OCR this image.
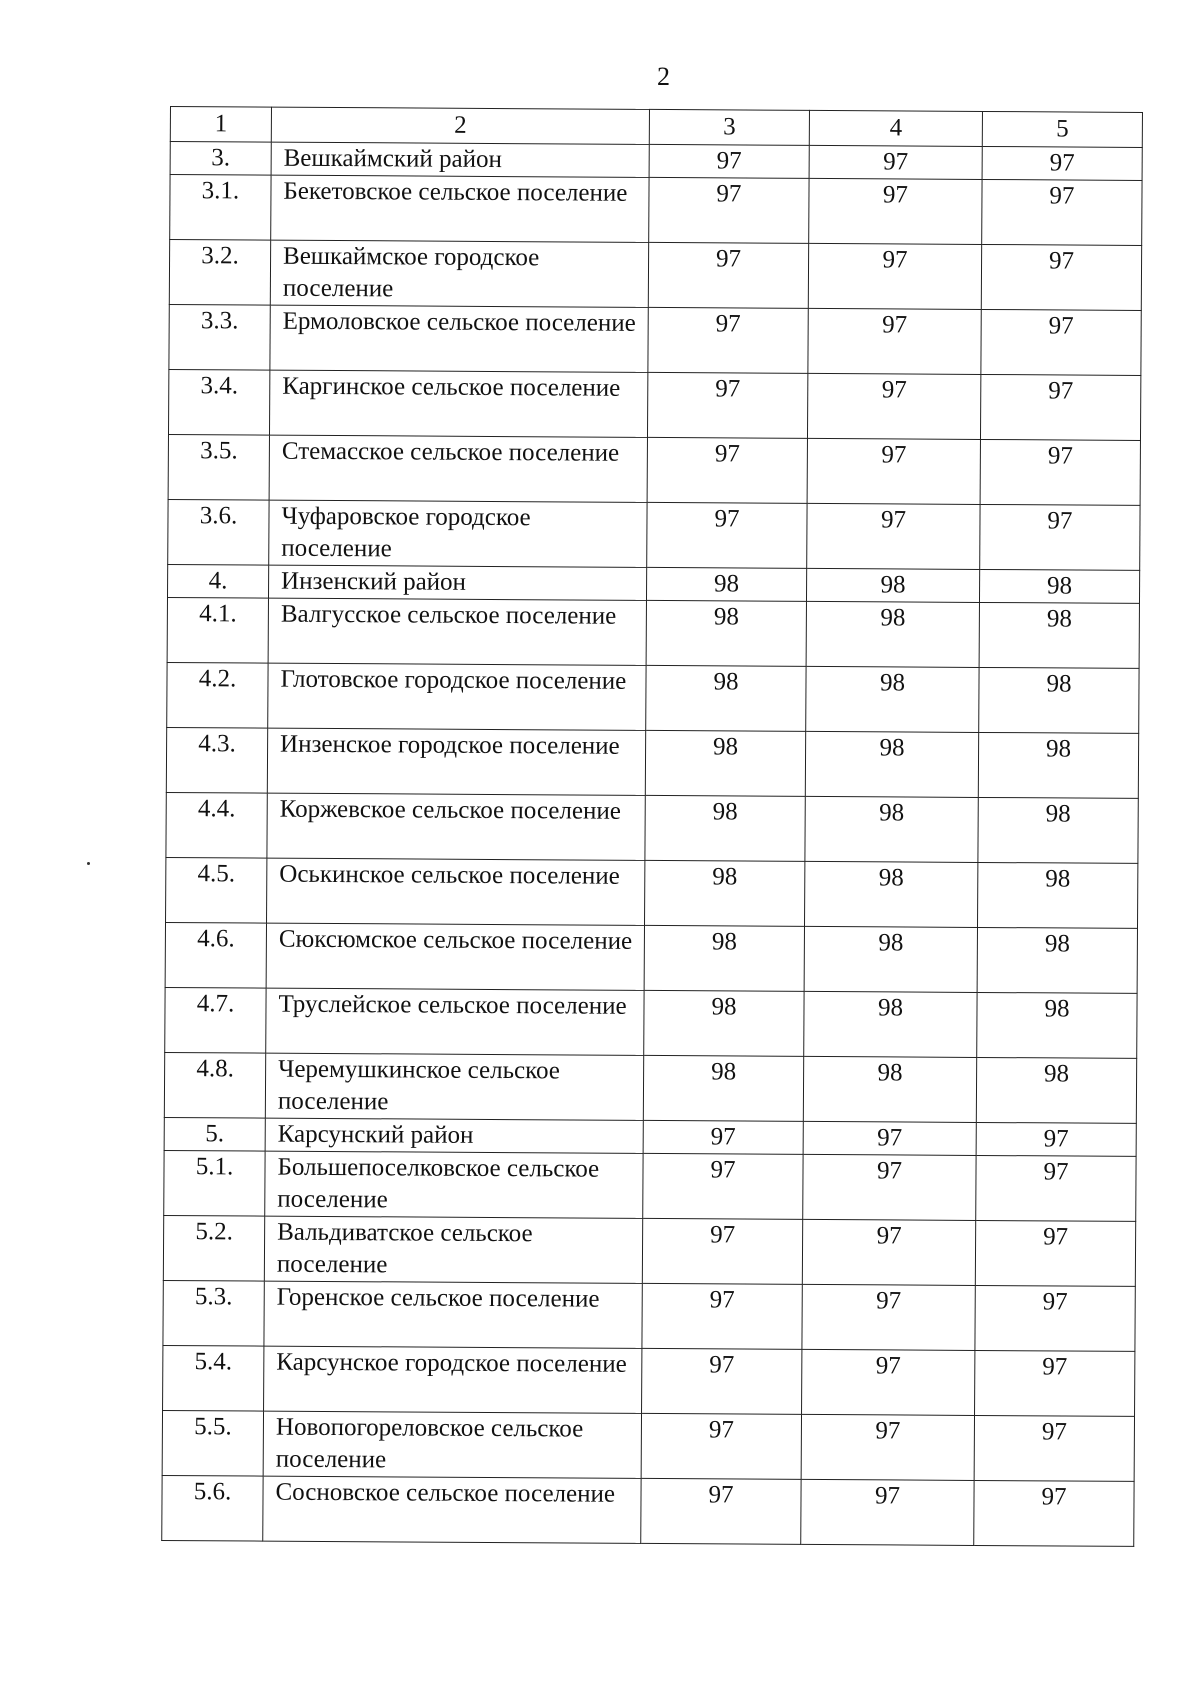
2
1	2	3	4	5
3.	Вешкаймский район	97	97	97
3.1.	Бекетовское сельское поселение	97	97	97
3.2.	Вешкаймское городское поселение	97	97	97
3.3.	Ермоловское сельское поселение	97	97	97
3.4.	Каргинское сельское поселение	97	97	97
3.5.	Стемасское сельское поселение	97	97	97
3.6.	Чуфаровское городское поселение	97	97	97
4.	Инзенский район	98	98	98
4.1.	Валгусское сельское поселение	98	98	98
4.2.	Глотовское городское поселение	98	98	98
4.3.	Инзенское городское поселение	98	98	98
4.4.	Коржевское сельское поселение	98	98	98
4.5.	Оськинское сельское поселение	98	98	98
4.6.	Сюксюмское сельское поселение	98	98	98
4.7.	Труслейское сельское поселение	98	98	98
4.8.	Черемушкинское сельское поселение	98	98	98
5.	Карсунский район	97	97	97
5.1.	Большепоселковское сельское поселение	97	97	97
5.2.	Вальдиватское сельское поселение	97	97	97
5.3.	Горенское сельское поселение	97	97	97
5.4.	Карсунское городское поселение	97	97	97
5.5.	Новопогореловское сельское поселение	97	97	97
5.6.	Сосновское сельское поселение	97	97	97
